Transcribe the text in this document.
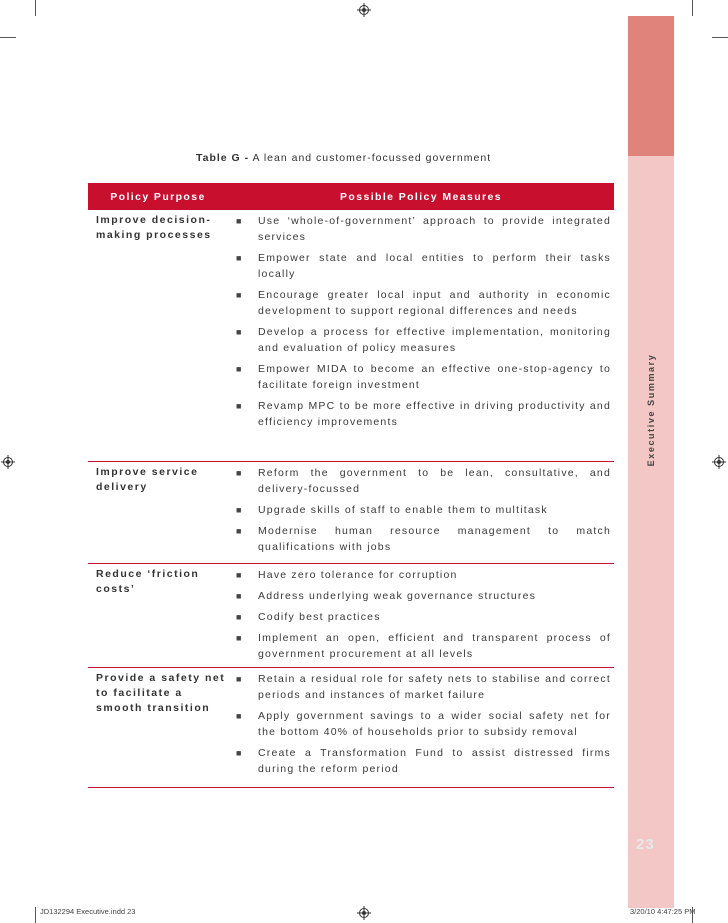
Executive Summary
23
Table G - A lean and customer-focussed government
Policy Purpose	Possible Policy Measures
Improve decision-making processes
■	Use ‘whole-of-government’ approach to provide integrated services
■	Empower state and local entities to perform their tasks locally
■	Encourage greater local input and authority in economic development to support regional differences and needs
■	Develop a process for effective implementation, monitoring and evaluation of policy measures
■	Empower MIDA to become an effective one-stop-agency to facilitate foreign investment
■	Revamp MPC to be more effective in driving productivity and efficiency improvements
Improve service delivery
■	Reform the government to be lean, consultative, and delivery-focussed
■	Upgrade skills of staff to enable them to multitask
■	Modernise human resource management to match qualifications with jobs
Reduce ‘friction costs’
■	Have zero tolerance for corruption
■	Address underlying weak governance structures
■	Codify best practices
■	Implement an open, efficient and transparent process of government procurement at all levels
Provide a safety net to facilitate a smooth transition
■	Retain a residual role for safety nets to stabilise and correct periods and instances of market failure
■	Apply government savings to a wider social safety net for the bottom 40% of households prior to subsidy removal
■	Create a Transformation Fund to assist distressed firms during the reform period
JD132294 Executive.indd 23	3/20/10 4:47:25 PM
